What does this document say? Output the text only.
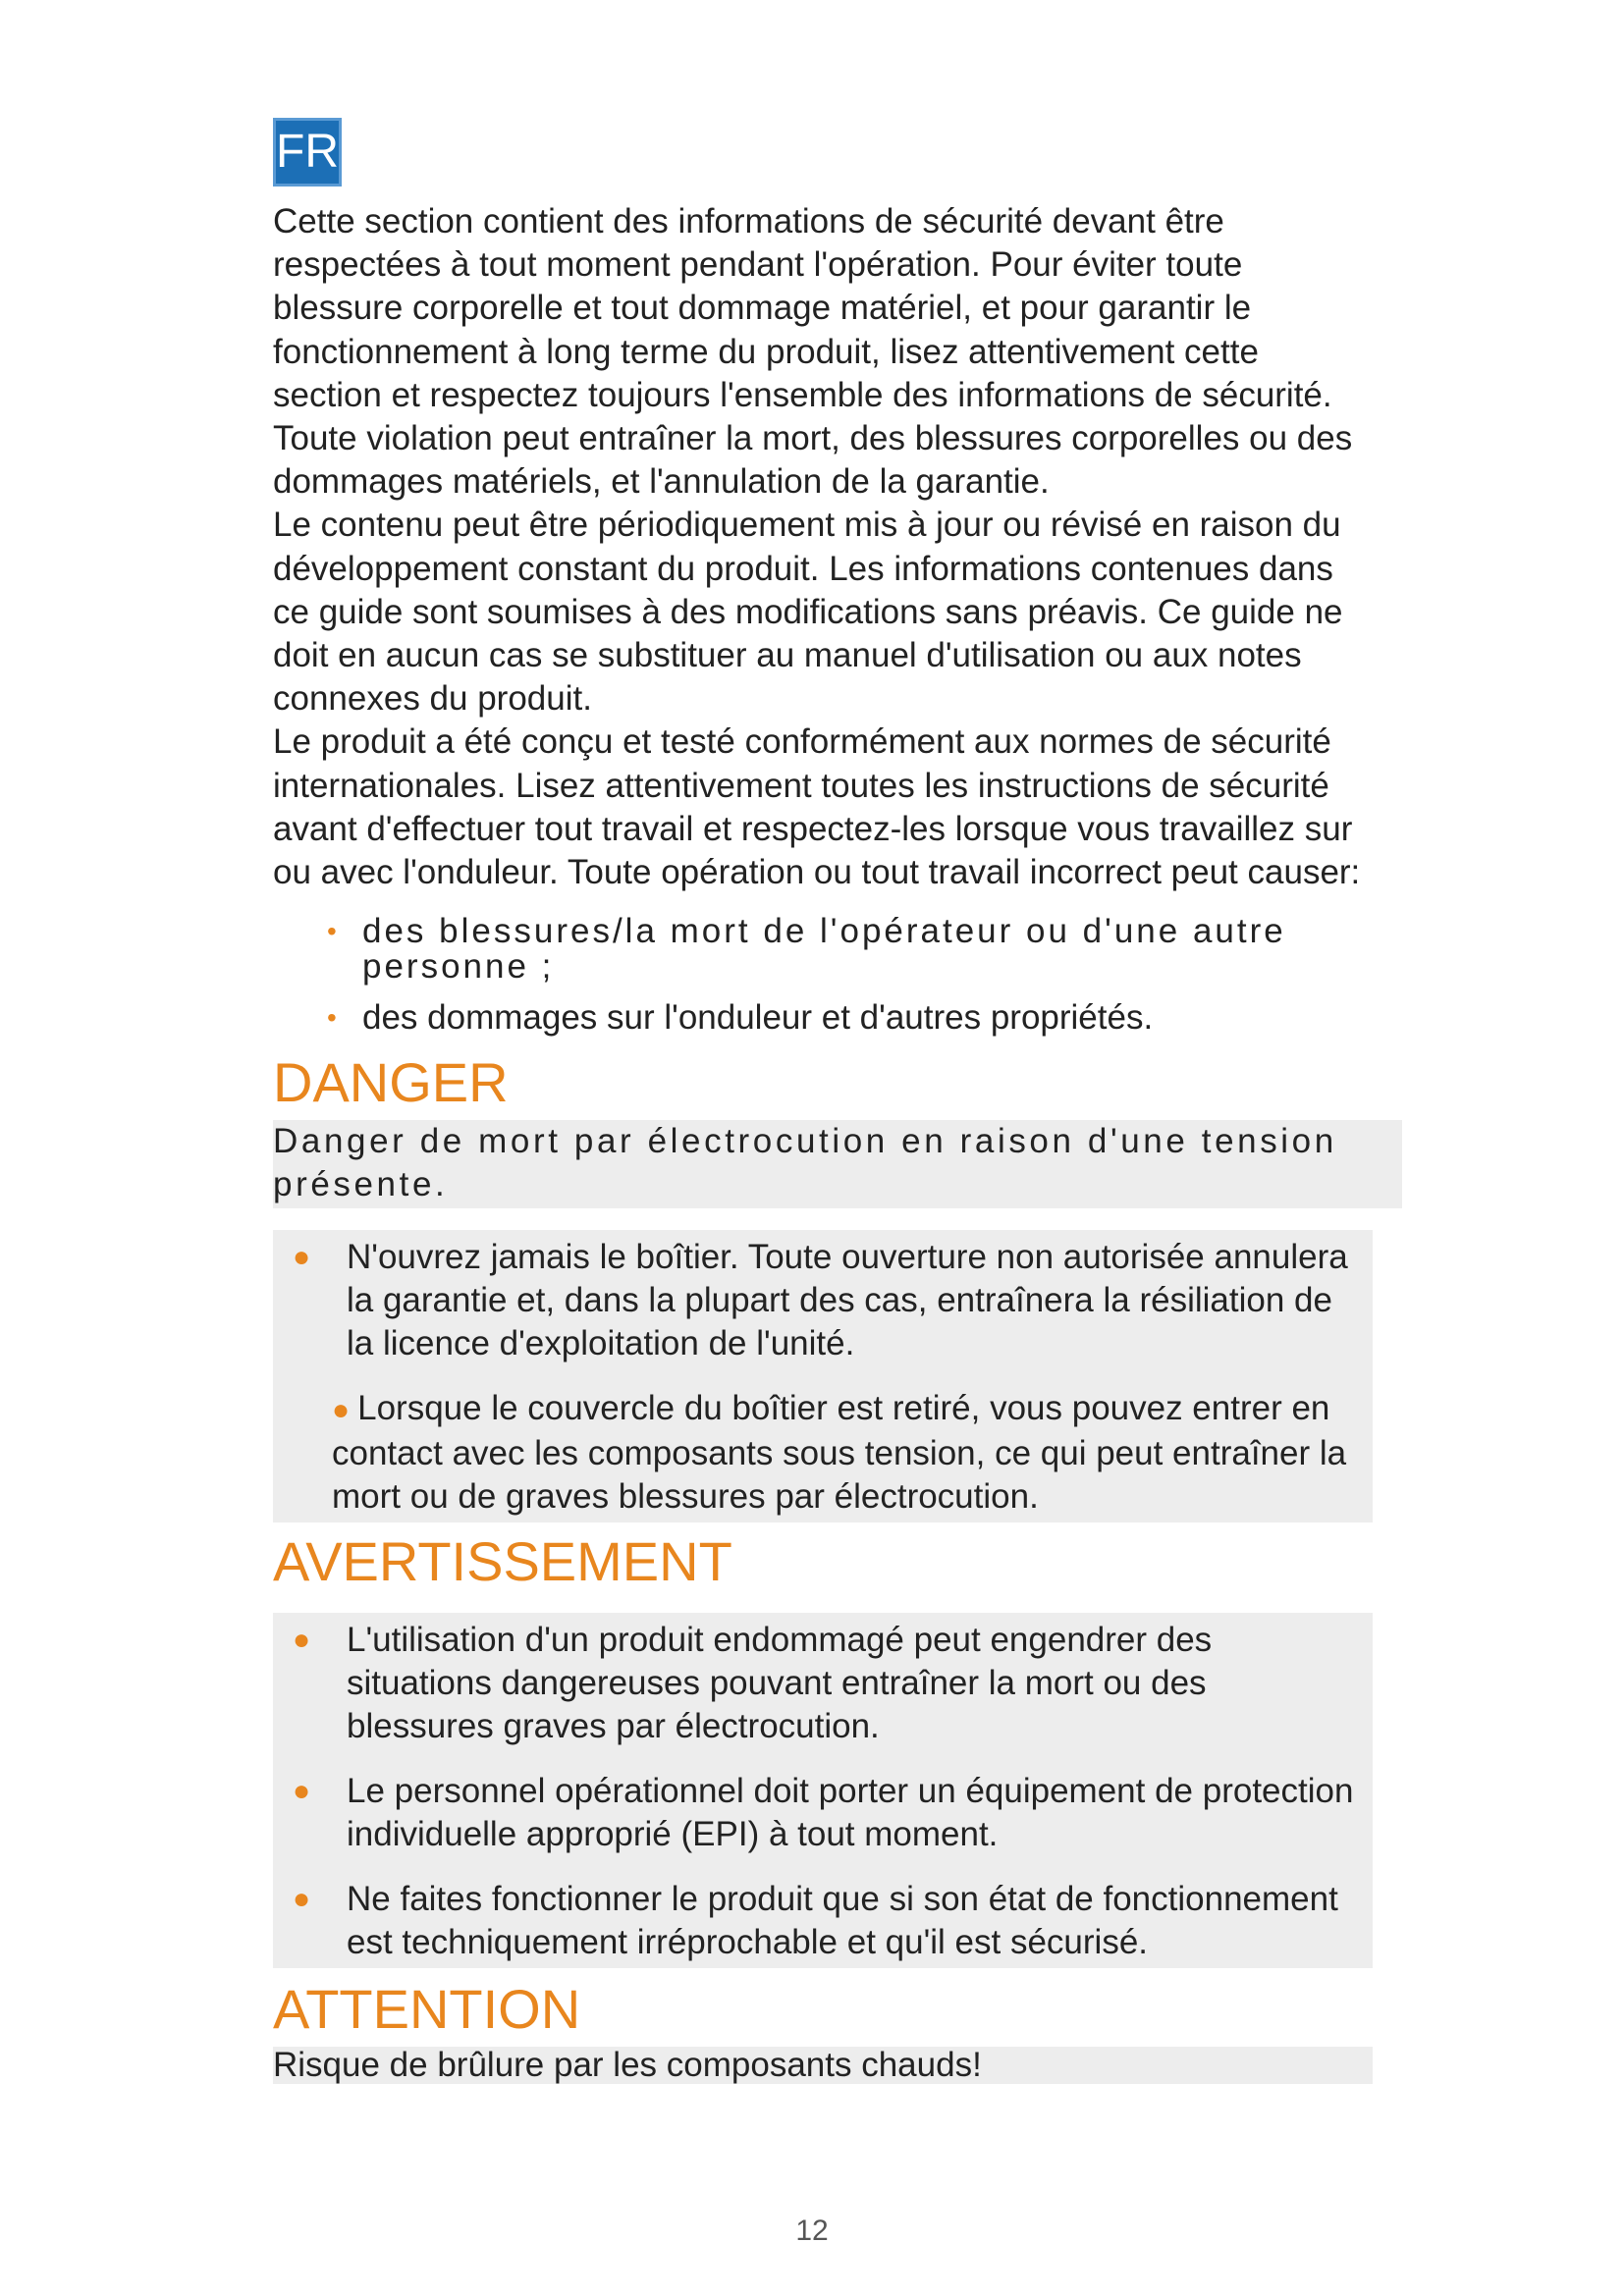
FR

Cette section contient des informations de sécurité devant être respectées à tout moment pendant l'opération. Pour éviter toute blessure corporelle et tout dommage matériel, et pour garantir le fonctionnement à long terme du produit, lisez attentivement cette section et respectez toujours l'ensemble des informations de sécurité. Toute violation peut entraîner la mort, des blessures corporelles ou des dommages matériels, et l'annulation de la garantie.

Le contenu peut être périodiquement mis à jour ou révisé en raison du développement constant du produit. Les informations contenues dans ce guide sont soumises à des modifications sans préavis. Ce guide ne doit en aucun cas se substituer au manuel d'utilisation ou aux notes connexes du produit.

Le produit a été conçu et testé conformément aux normes de sécurité internationales. Lisez attentivement toutes les instructions de sécurité avant d'effectuer tout travail et respectez-les lorsque vous travaillez sur ou avec l'onduleur. Toute opération ou tout travail incorrect peut causer:

• des blessures/la mort de l'opérateur ou d'une autre personne ;
• des dommages sur l'onduleur et d'autres propriétés.
DANGER
Danger de mort par électrocution en raison d'une tension présente.
● N'ouvrez jamais le boîtier. Toute ouverture non autorisée annulera la garantie et, dans la plupart des cas, entraînera la résiliation de la licence d'exploitation de l'unité.
● Lorsque le couvercle du boîtier est retiré, vous pouvez entrer en contact avec les composants sous tension, ce qui peut entraîner la mort ou de graves blessures par électrocution.
AVERTISSEMENT
● L'utilisation d'un produit endommagé peut engendrer des situations dangereuses pouvant entraîner la mort ou des blessures graves par électrocution.
● Le personnel opérationnel doit porter un équipement de protection individuelle approprié (EPI) à tout moment.
● Ne faites fonctionner le produit que si son état de fonctionnement est techniquement irréprochable et qu'il est sécurisé.
ATTENTION
Risque de brûlure par les composants chauds!
12
